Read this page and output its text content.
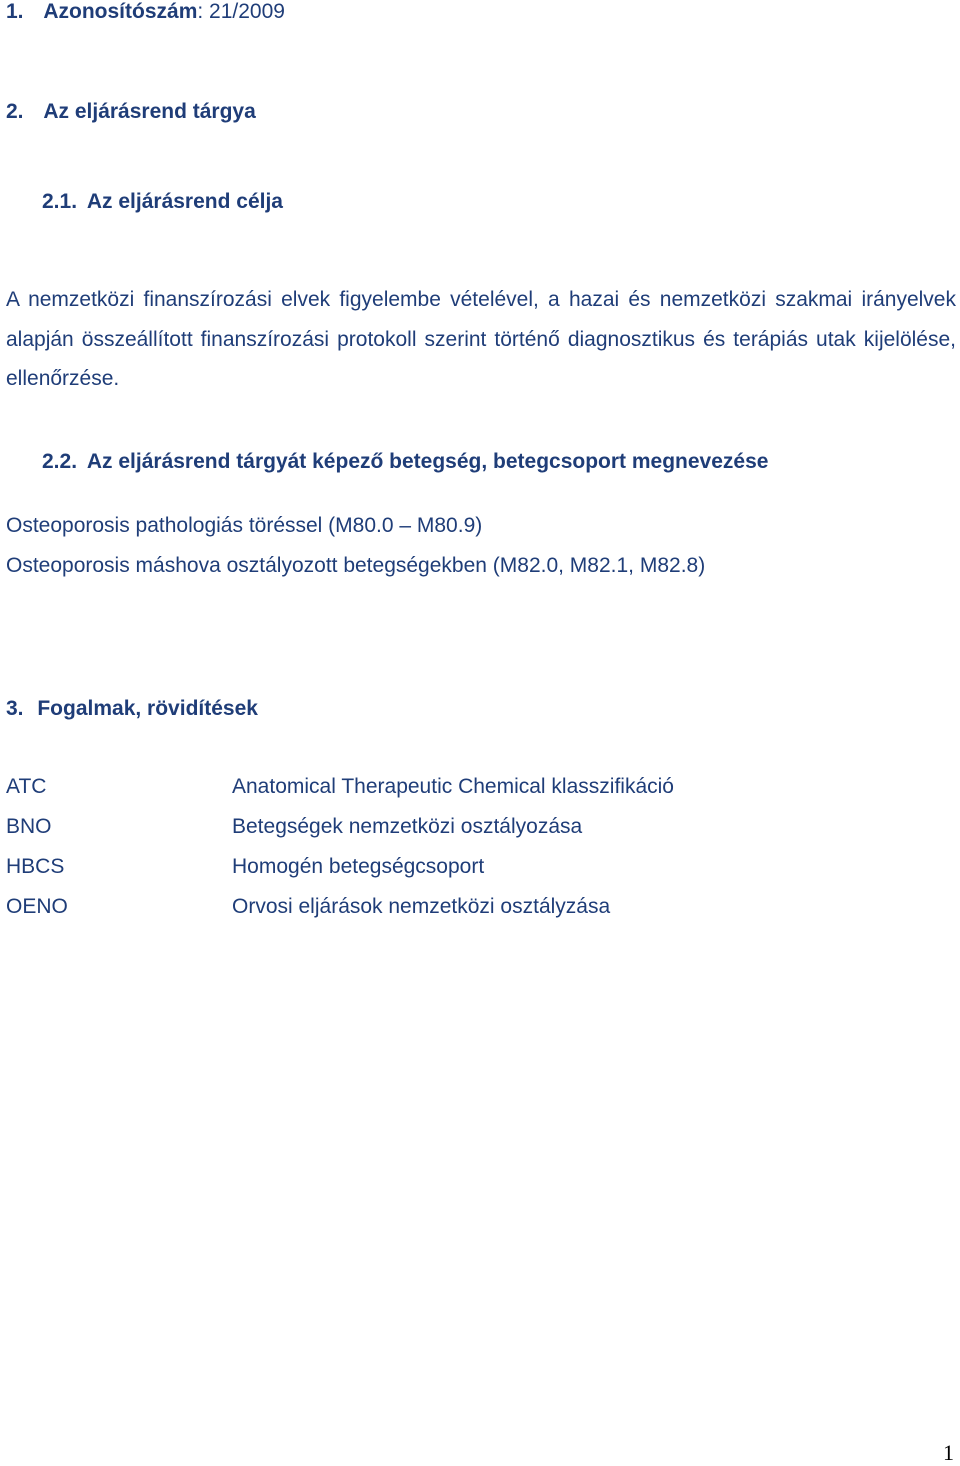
1. Azonosítószám: 21/2009
2. Az eljárásrend tárgya
2.1. Az eljárásrend célja
A nemzetközi finanszírozási elvek figyelembe vételével, a hazai és nemzetközi szakmai irányelvek alapján összeállított finanszírozási protokoll szerint történő diagnosztikus és terápiás utak kijelölése, ellenőrzése.
2.2. Az eljárásrend tárgyát képező betegség, betegcsoport megnevezése
Osteoporosis pathologiás töréssel (M80.0 – M80.9)
Osteoporosis máshova osztályozott betegségekben (M82.0, M82.1, M82.8)
3. Fogalmak, rövidítések
ATC	Anatomical Therapeutic Chemical klasszifikáció
BNO	Betegségek nemzetközi osztályozása
HBCS	Homogén betegségcsoport
OENO	Orvosi eljárások nemzetközi osztályzása
1
